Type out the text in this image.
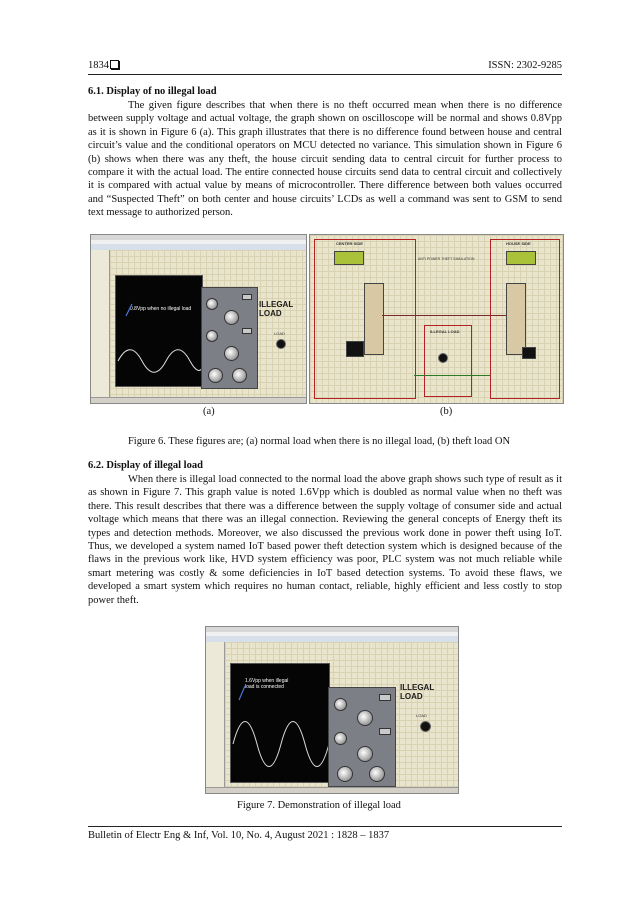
1834	ISSN: 2302-9285
6.1. Display of no illegal load

The given figure describes that when there is no theft occurred mean when there is no difference between supply voltage and actual voltage, the graph shown on oscilloscope will be normal and shows 0.8Vpp as it is shown in Figure 6 (a). This graph illustrates that there is no difference found between house and central circuit’s value and the conditional operators on MCU detected no variance. This simulation shown in Figure 6 (b) shows when there was any theft, the house circuit sending data to central circuit for further process to compare it with the actual load. The entire connected house circuits send data to central circuit and collectively it is compared with actual value by means of microcontroller. There difference between both values occurred and “Suspected Theft” on both center and house circuits’ LCDs as well a command was sent to GSM to send text message to authorized person.

0.8Vpp when no illegal load	ILLEGAL LOAD
LOAD
CENTER SIDE	HOUSE SIDE
ANTI POWER THEFT SIMULATION
ILLEGAL LOAD
(a)	(b)
Figure 6. These figures are; (a) normal load when there is no illegal load, (b) theft load ON
6.2. Display of illegal load

When there is illegal load connected to the normal load the above graph shows such type of result as it as shown in Figure 7. This graph value is noted 1.6Vpp which is doubled as normal value when no theft was there. This result describes that there was a difference between the supply voltage of consumer side and actual voltage which means that there was an illegal connection. Reviewing the general concepts of Energy theft its types and detection methods. Moreover, we also discussed the previous work done in power theft using IoT. Thus, we developed a system named IoT based power theft detection system which is designed because of the flaws in the previous work like, HVD system efficiency was poor, PLC system was not much reliable while smart metering was costly & some deficiencies in IoT based detection systems. To avoid these flaws, we developed a smart system which requires no human contact, reliable, highly efficient and less costly to stop power theft.

1.6Vpp when illegal load is connected	ILLEGAL LOAD
LOAD
Figure 7. Demonstration of illegal load
Bulletin of Electr Eng & Inf, Vol. 10, No. 4, August 2021 : 1828 – 1837
